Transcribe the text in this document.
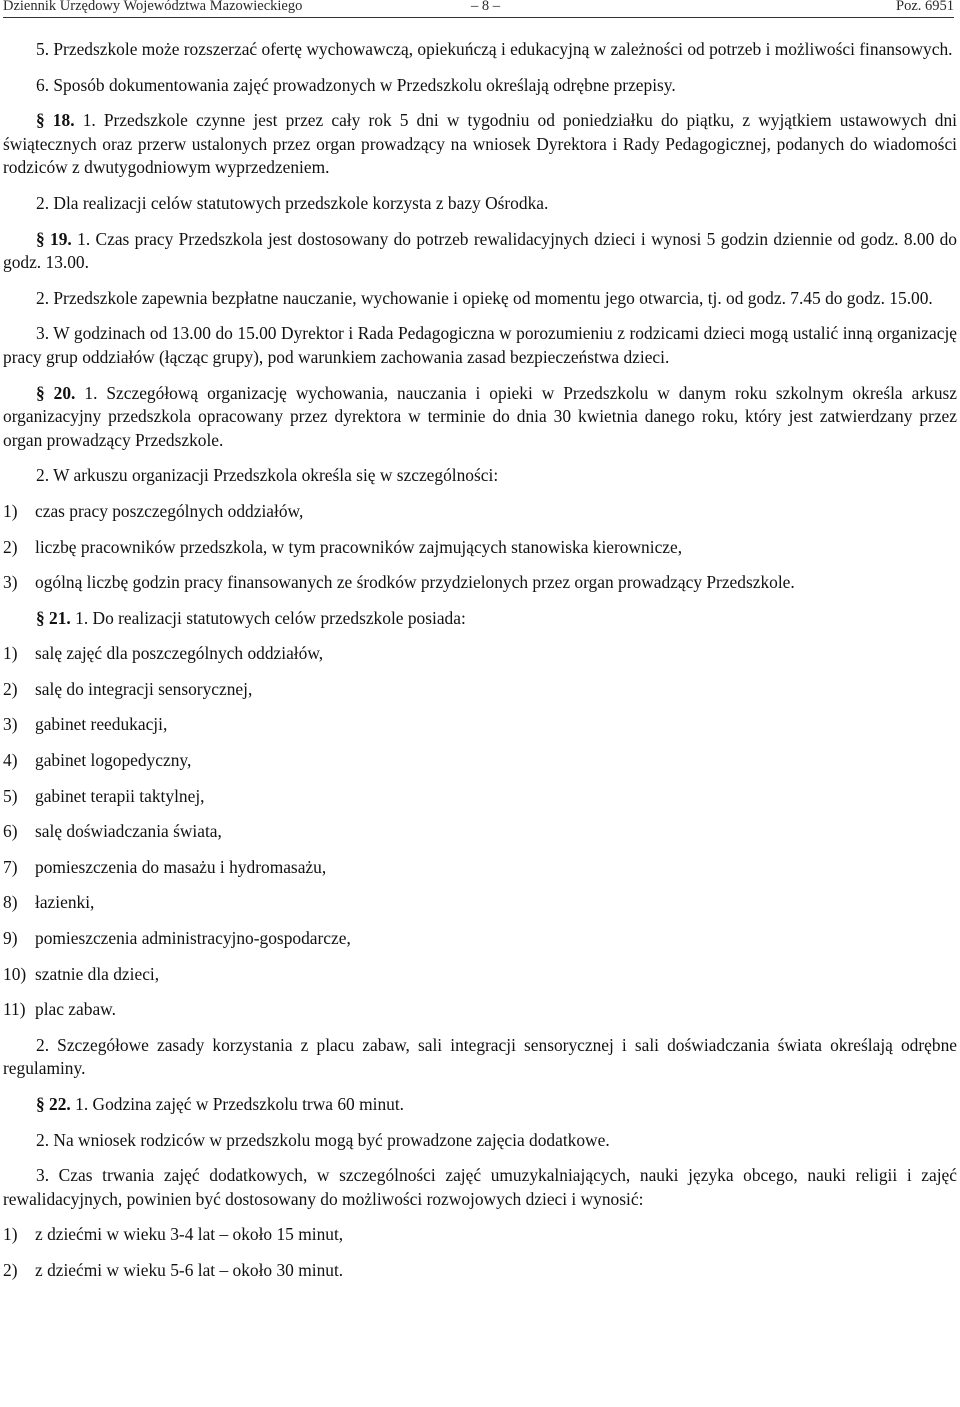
Dziennik Urzędowy Województwa Mazowieckiego	– 8 –	Poz. 6951

5. Przedszkole może rozszerzać ofertę wychowawczą, opiekuńczą i edukacyjną w zależności od potrzeb i możliwości finansowych.

6. Sposób dokumentowania zajęć prowadzonych w Przedszkolu określają odrębne przepisy.

§ 18. 1. Przedszkole czynne jest przez cały rok 5 dni w tygodniu od poniedziałku do piątku, z wyjątkiem ustawowych dni świątecznych oraz przerw ustalonych przez organ prowadzący na wniosek Dyrektora i Rady Pedagogicznej, podanych do wiadomości rodziców z dwutygodniowym wyprzedzeniem.

2. Dla realizacji celów statutowych przedszkole korzysta z bazy Ośrodka.

§ 19. 1. Czas pracy Przedszkola jest dostosowany do potrzeb rewalidacyjnych dzieci i wynosi 5 godzin dziennie od godz. 8.00 do godz. 13.00.

2. Przedszkole zapewnia bezpłatne nauczanie, wychowanie i opiekę od momentu jego otwarcia, tj. od godz. 7.45 do godz. 15.00.

3. W godzinach od 13.00 do 15.00 Dyrektor i Rada Pedagogiczna w porozumieniu z rodzicami dzieci mogą ustalić inną organizację pracy grup oddziałów (łącząc grupy), pod warunkiem zachowania zasad bezpieczeństwa dzieci.

§ 20. 1. Szczegółową organizację wychowania, nauczania i opieki w Przedszkolu w danym roku szkolnym określa arkusz organizacyjny przedszkola opracowany przez dyrektora w terminie do dnia 30 kwietnia danego roku, który jest zatwierdzany przez organ prowadzący Przedszkole.

2. W arkuszu organizacji Przedszkola określa się w szczególności:

1) czas pracy poszczególnych oddziałów,

2) liczbę pracowników przedszkola, w tym pracowników zajmujących stanowiska kierownicze,

3) ogólną liczbę godzin pracy finansowanych ze środków przydzielonych przez organ prowadzący Przedszkole.

§ 21. 1. Do realizacji statutowych celów przedszkole posiada:

1) salę zajęć dla poszczególnych oddziałów,

2) salę do integracji sensorycznej,

3) gabinet reedukacji,

4) gabinet logopedyczny,

5) gabinet terapii taktylnej,

6) salę doświadczania świata,

7) pomieszczenia do masażu i hydromasażu,

8) łazienki,

9) pomieszczenia administracyjno-gospodarcze,

10) szatnie dla dzieci,

11) plac zabaw.

2. Szczegółowe zasady korzystania z placu zabaw, sali integracji sensorycznej i sali doświadczania świata określają odrębne regulaminy.

§ 22. 1. Godzina zajęć w Przedszkolu trwa 60 minut.

2. Na wniosek rodziców w przedszkolu mogą być prowadzone zajęcia dodatkowe.

3. Czas trwania zajęć dodatkowych, w szczególności zajęć umuzykalniających, nauki języka obcego, nauki religii i zajęć rewalidacyjnych, powinien być dostosowany do możliwości rozwojowych dzieci i wynosić:

1) z dziećmi w wieku 3-4 lat – około 15 minut,

2) z dziećmi w wieku 5-6 lat – około 30 minut.
